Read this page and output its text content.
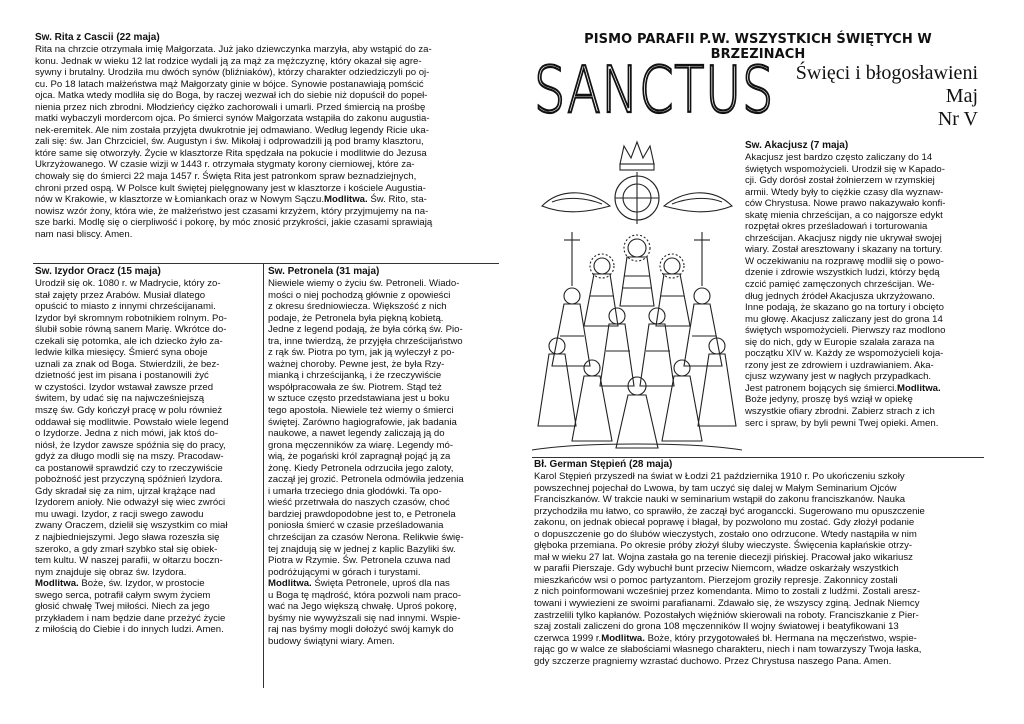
Św. Rita z Cascii (22 maja)

Rita na chrzcie otrzymała imię Małgorzata. Już jako dziewczynka marzyła, aby wstąpić do za-
konu. Jednak w wieku 12 lat rodzice wydali ją za mąż za mężczyznę, który okazał się agre-
sywny i brutalny. Urodziła mu dwóch synów (bliźniaków), którzy charakter odziedziczyli po oj-
cu. Po 18 latach małżeństwa mąż Małgorzaty ginie w bójce. Synowie postanawiają pomścić
ojca. Matka wtedy modliła się do Boga, by raczej wezwał ich do siebie niż dopuścił do popeł-
nienia przez nich zbrodni. Młodzieńcy ciężko zachorowali i umarli. Przed śmiercią na prośbę
matki wybaczyli mordercom ojca. Po śmierci synów Małgorzata wstąpiła do zakonu augustia-
nek-eremitek. Ale nim została przyjęta dwukrotnie jej odmawiano. Według legendy Ricie uka-
zali się: św. Jan Chrzciciel, św. Augustyn i św. Mikołaj i odprowadzili ją pod bramy klasztoru,
które same się otworzyły. Życie w klasztorze Rita spędzała na pokucie i modlitwie do Jezusa
Ukrzyżowanego. W czasie wizji w 1443 r. otrzymała stygmaty korony cierniowej, które za-
chowały się do śmierci 22 maja 1457 r. Święta Rita jest patronkom spraw beznadziejnych,
chroni przed ospą. W Polsce kult świętej pielęgnowany jest w klasztorze i kościele Augustia-
nów w Krakowie, w klasztorze w Łomiankach oraz w Nowym Sączu.Modlitwa. Św. Rito, sta-
nowisz wzór żony, która wie, że małżeństwo jest czasami krzyżem, który przyjmujemy na na-
sze barki. Modlę się o cierpliwość i pokorę, by móc znosić przykrości, jakie czasami sprawiają
nam nasi bliscy. Amen.

Św. Izydor Oracz (15 maja)

Urodził się ok. 1080 r. w Madrycie, który zo-
stał zajęty przez Arabów. Musiał dlatego
opuścić to miasto z innymi chrześcijanami.
Izydor był skromnym robotnikiem rolnym. Po-
ślubił sobie równą sanem Marię. Wkrótce do-
czekali się potomka, ale ich dziecko żyło za-
ledwie kilka miesięcy. Śmierć syna oboje
uznali za znak od Boga. Stwierdzili, że bez-
dzietność jest im pisana i postanowili żyć
w czystości. Izydor wstawał zawsze przed
świtem, by udać się na najwcześniejszą
mszę św. Gdy kończył pracę w polu również
oddawał się modlitwie. Powstało wiele legend
o Izydorze. Jedna z nich mówi, jak ktoś do-
niósł, że Izydor zawsze spóźnia się do pracy,
gdyż za długo modli się na mszy. Pracodaw-
ca postanowił sprawdzić czy to rzeczywiście
pobożność jest przyczyną spóźnień Izydora.
Gdy skradał się za nim, ujrzał krążące nad
Izydorem anioły. Nie odważył się wiec zwróci
mu uwagi. Izydor, z racji swego zawodu
zwany Oraczem, dzielił się wszystkim co miał
z najbiedniejszymi. Jego sława rozeszła się
szeroko, a gdy zmarł szybko stał się obiek-
tem kultu. W naszej parafii, w ołtarzu boczn-
nym znajduje się obraz św. Izydora.
Modlitwa. Boże, św. Izydor, w prostocie
swego serca, potrafił całym swym życiem
głosić chwałę Twej miłości. Niech za jego
przykładem i nam będzie dane przeżyć życie
z miłością do Ciebie i do innych ludzi. Amen.

Św. Petronela (31 maja)

Niewiele wiemy o życiu św. Petroneli. Wiado-
mości o niej pochodzą głównie z opowieści
z okresu średniowiecza. Większość z nich
podaje, że Petronela była piękną kobietą.
Jedne z legend podają, że była córką św. Pio-
tra, inne twierdzą, że przyjęła chrześcijaństwo
z rąk św. Piotra po tym, jak ją wyleczył z po-
ważnej choroby. Pewne jest, że była Rzy-
mianką i chrześcijanką, i że rzeczywiście
współpracowała ze św. Piotrem. Stąd też
w sztuce często przedstawiana jest u boku
tego apostoła. Niewiele też wiemy o śmierci
świętej. Zarówno hagiografowie, jak badania
naukowe, a nawet legendy zaliczają ją do
grona męczenników za wiarę. Legendy mó-
wią, że pogański król zapragnął pojąć ją za
żonę. Kiedy Petronela odrzuciła jego zaloty,
zaczął jej grozić. Petronela odmówiła jedzenia
i umarła trzeciego dnia głodówki. Ta opo-
wieść przetrwała do naszych czasów, choć
bardziej prawdopodobne jest to, e Petronela
poniosła śmierć w czasie prześladowania
chrześcijan za czasów Nerona. Relikwie świę-
tej znajdują się w jednej z kaplic Bazyliki św.
Piotra w Rzymie. Św. Petronela czuwa nad
podróżującymi w górach i turystami.
Modlitwa. Święta Petronele, uproś dla nas
u Boga tę mądrość, która pozwoli nam praco-
wać na Jego większą chwałę. Uproś pokorę,
byśmy nie wywyższali się nad innymi. Wspie-
raj nas byśmy mogli dołożyć swój kamyk do
budowy świątyni wiary. Amen.
PISMO PARAFII P.W. WSZYSTKICH ŚWIĘTYCH W BRZEZINACH
SANCTUS	Święci i błogosławieni
Maj
Nr V

Św. Akacjusz (7 maja)

Akacjusz jest bardzo często zaliczany do 14
świętych wspomożycieli. Urodził się w Kapado-
cji. Gdy dorósł został żołnierzem w rzymskiej
armii. Wtedy były to ciężkie czasy dla wyznaw-
ców Chrystusa. Nowe prawo nakazywało konfi-
skatę mienia chrześcijan, a co najgorsze edykt
rozpętał okres prześladowań i torturowania
chrześcijan. Akacjusz nigdy nie ukrywał swojej
wiary. Został aresztowany i skazany na tortury.
W oczekiwaniu na rozprawę modlił się o powo-
dzenie i zdrowie wszystkich ludzi, którzy będą
czcić pamięć zamęczonych chrześcijan. We-
dług jednych źródeł Akacjusza ukrzyżowano.
Inne podają, że skazano go na tortury i obcięto
mu głowę. Akacjusz zaliczany jest do grona 14
świętych wspomożycieli. Pierwszy raz modlono
się do nich, gdy w Europie szalała zaraza na
początku XIV w. Każdy ze wspomożycieli koja-
rzony jest ze zdrowiem i uzdrawianiem. Aka-
cjusz wzywany jest w nagłych przypadkach.
Jest patronem bojących się śmierci.Modlitwa.
Boże jedyny, proszę byś wziął w opiekę
wszystkie ofiary zbrodni. Zabierz strach z ich
serc i spraw, by byli pewni Twej opieki. Amen.

Bł. German Stępień (28 maja)

Karol Stępień przyszedł na świat w Łodzi 21 października 1910 r. Po ukończeniu szkoły
powszechnej pojechał do Lwowa, by tam uczyć się dalej w Małym Seminarium Ojców
Franciszkanów. W trakcie nauki w seminarium wstąpił do zakonu franciszkanów. Nauka
przychodziła mu łatwo, co sprawiło, że zaczął być aroganccki. Sugerowano mu opuszczenie
zakonu, on jednak obiecał poprawę i błagał, by pozwolono mu zostać. Gdy złożył podanie
o dopuszczenie go do ślubów wieczystych, zostało ono odrzucone. Wtedy nastąpiła w nim
głęboka przemiana. Po okresie próby złożył śluby wieczyste. Święcenia kapłańskie otrzy-
mał w wieku 27 lat. Wojna zastała go na terenie diecezji pińskiej. Pracował jako wikariusz
w parafii Pierszaje. Gdy wybuchł bunt przeciw Niemcom, władze oskarżały wszystkich
mieszkańców wsi o pomoc partyzantom. Pierzejom groziły represje. Zakonnicy zostali
z nich poinformowani wcześniej przez komendanta. Mimo to zostali z ludźmi. Zostali aresz-
towani i wywiezieni ze swoimi parafianami. Zdawało się, że wszyscy zginą. Jednak Niemcy
zastrzelili tylko kapłanów. Pozostałych więźniów skierowali na roboty. Franciszkanie z Pier-
szaj zostali zaliczeni do grona 108 męczenników II wojny światowej i beatyfikowani 13
czerwca 1999 r.Modlitwa. Boże, który przygotowałeś bł. Hermana na męczeństwo, wspie-
rając go w walce ze słabościami własnego charakteru, niech i nam towarzyszy Twoja łaska,
gdy szczerze pragniemy wzrastać duchowo. Przez Chrystusa naszego Pana. Amen.
